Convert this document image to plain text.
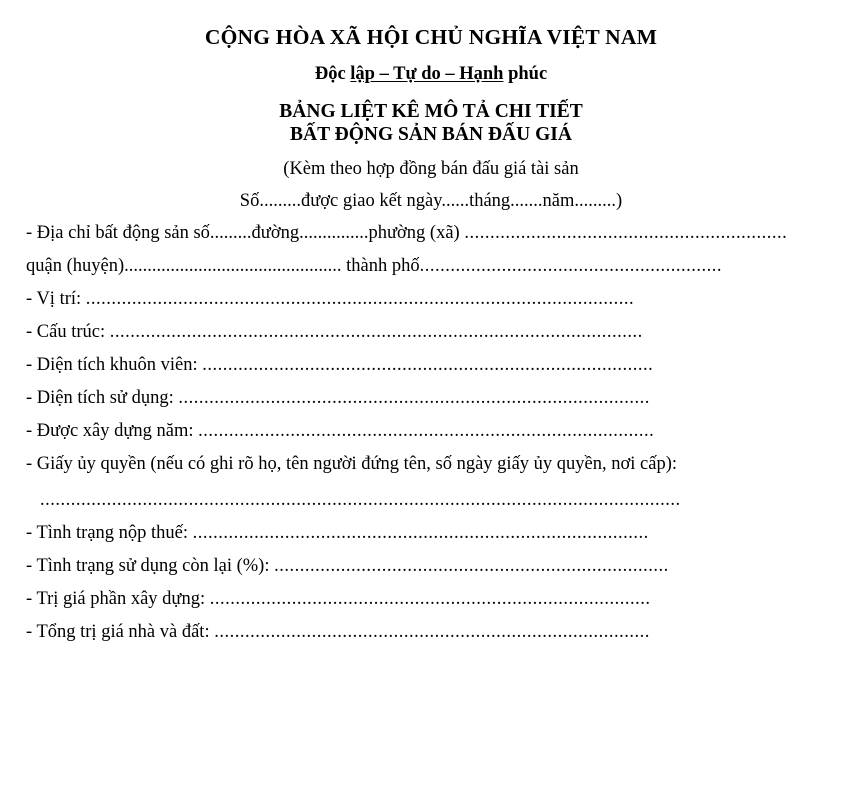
CỘNG HÒA XÃ HỘI CHỦ NGHĨA VIỆT NAM
Độc lập – Tự do – Hạnh phúc
BẢNG LIỆT KÊ MÔ TẢ CHI TIẾT
BẤT ĐỘNG SẢN BÁN ĐẤU GIÁ
(Kèm theo hợp đồng bán đấu giá tài sản
Số.........được giao kết ngày......tháng.......năm.........)
- Địa chỉ bất động sản số.........đường...............phường (xã) ...............................................................
quận (huyện) ............................................... thành phố ...........................................................
- Vị trí: ...........................................................................................................
- Cấu trúc: ........................................................................................................
- Diện tích khuôn viên: ........................................................................................
- Diện tích sử dụng: ............................................................................................
- Được xây dựng năm: .........................................................................................
- Giấy ủy quyền (nếu có ghi rõ họ, tên người đứng tên, số ngày giấy ủy quyền, nơi cấp):
.............................................................................................................................
- Tình trạng nộp thuế: .........................................................................................
- Tình trạng sử dụng còn lại (%): .............................................................................
- Trị giá phần xây dựng: ......................................................................................
- Tổng trị giá nhà và đất: .....................................................................................
